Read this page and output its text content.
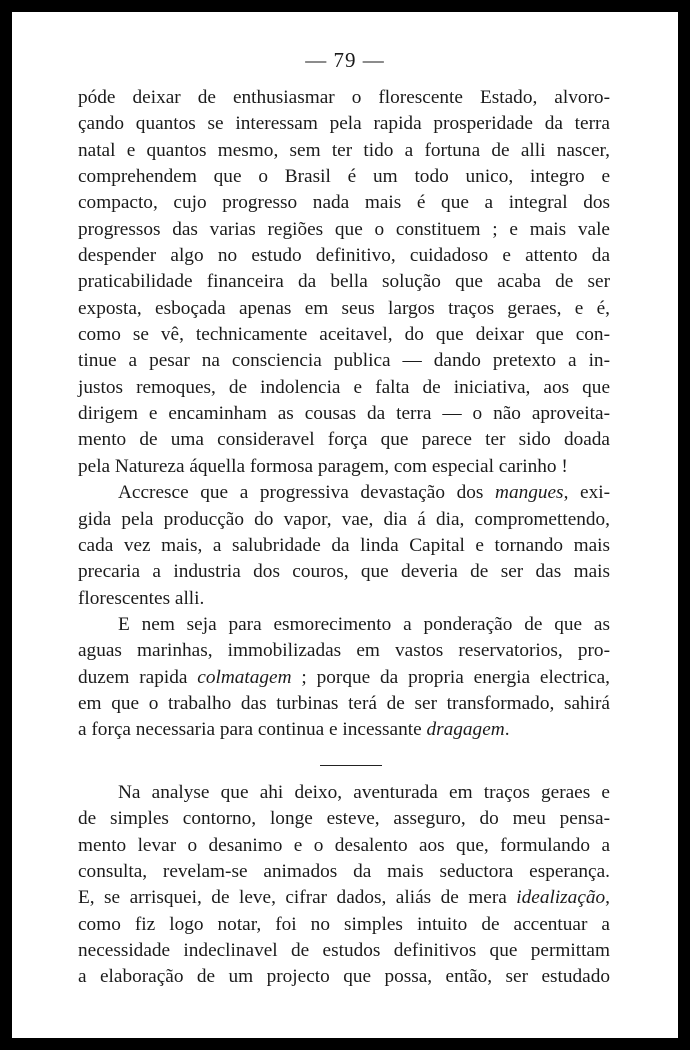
— 79 —
póde deixar de enthusiasmar o florescente Estado, alvoro-
çando quantos se interessam pela rapida prosperidade da terra
natal e quantos mesmo, sem ter tido a fortuna de alli nascer,
comprehendem que o Brasil é um todo unico, integro e
compacto, cujo progresso nada mais é que a integral dos
progressos das varias regiões que o constituem ; e mais vale
despender algo no estudo definitivo, cuidadoso e attento da
praticabilidade financeira da bella solução que acaba de ser
exposta, esboçada apenas em seus largos traços geraes, e é,
como se vê, technicamente aceitavel, do que deixar que con-
tinue a pesar na consciencia publica — dando pretexto a in-
justos remoques, de indolencia e falta de iniciativa, aos que
dirigem e encaminham as cousas da terra — o não aproveita-
mento de uma consideravel força que parece ter sido doada
pela Natureza áquella formosa paragem, com especial carinho !
Accresce que a progressiva devastação dos mangues, exi-
gida pela producção do vapor, vae, dia á dia, compromettendo,
cada vez mais, a salubridade da linda Capital e tornando mais
precaria a industria dos couros, que deveria de ser das mais
florescentes alli.
E nem seja para esmorecimento a ponderação de que as
aguas marinhas, immobilizadas em vastos reservatorios, pro-
duzem rapida colmatagem ; porque da propria energia electrica,
em que o trabalho das turbinas terá de ser transformado, sahirá
a força necessaria para continua e incessante dragagem.
Na analyse que ahi deixo, aventurada em traços geraes e
de simples contorno, longe esteve, asseguro, do meu pensa-
mento levar o desanimo e o desalento aos que, formulando a
consulta, revelam-se animados da mais seductora esperança.
E, se arrisquei, de leve, cifrar dados, aliás de mera idealização,
como fiz logo notar, foi no simples intuito de accentuar a
necessidade indeclinavel de estudos definitivos que permittam
a elaboração de um projecto que possa, então, ser estudado
